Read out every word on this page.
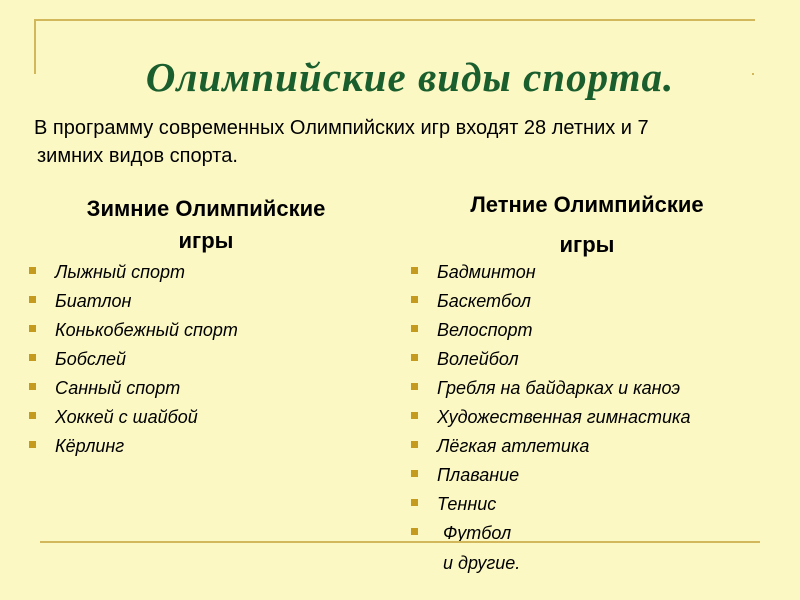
Олимпийские виды спорта.

В программу современных Олимпийских игр входят 28 летних и 7
зимних видов спорта.

Зимние Олимпийские
игры
Летние Олимпийские
игры
Лыжный спорт
Биатлон
Конькобежный спорт
Бобслей
Санный спорт
Хоккей с шайбой
Кёрлинг
Бадминтон
Баскетбол
Велоспорт
Волейбол
Гребля на байдарках и каноэ
Художественная гимнастика
Лёгкая атлетика
Плавание
Теннис
Футбол
и другие.
